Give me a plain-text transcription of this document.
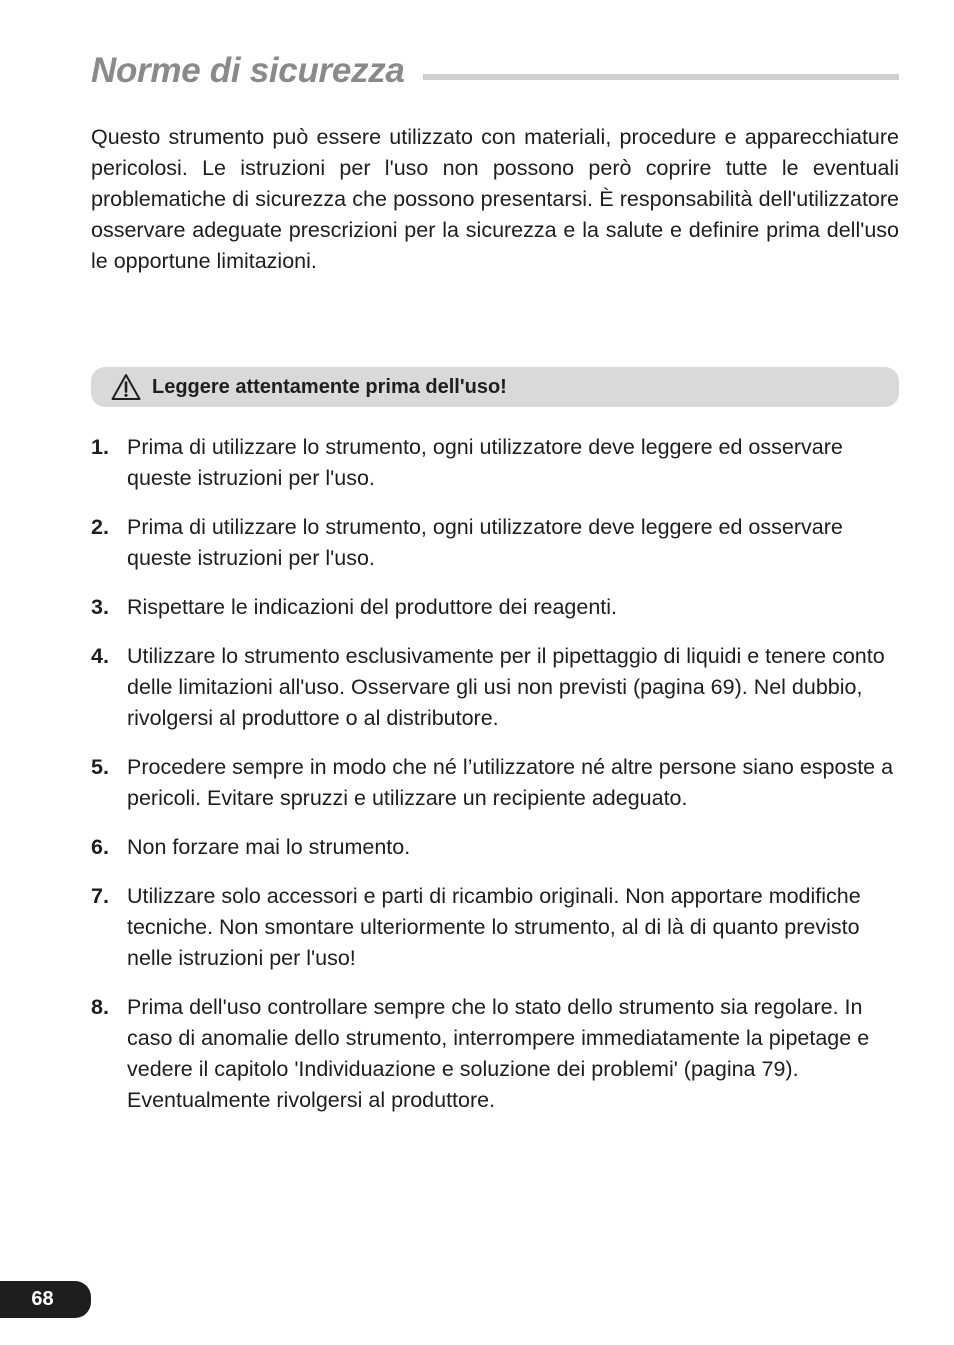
Norme di sicurezza

Questo strumento può essere utilizzato con materiali, procedure e apparecchiature pericolosi. Le istruzioni per l'uso non possono però coprire tutte le eventuali problematiche di sicurezza che possono presentarsi. È responsabilità dell'utilizzatore osservare adeguate prescrizioni per la sicurezza e la salute e definire prima dell'uso le opportune limitazioni.

Leggere attentamente prima dell'uso!
1. Prima di utilizzare lo strumento, ogni utilizzatore deve leggere ed osservare queste istruzioni per l'uso.
2. Prima di utilizzare lo strumento, ogni utilizzatore deve leggere ed osservare queste istruzioni per l'uso.
3. Rispettare le indicazioni del produttore dei reagenti.
4. Utilizzare lo strumento esclusivamente per il pipettaggio di liquidi e tenere conto delle limitazioni all'uso. Osservare gli usi non previsti (pagina 69). Nel dubbio, rivolgersi al produttore o al distributore.
5. Procedere sempre in modo che né l’utilizzatore né altre persone siano esposte a pericoli. Evitare spruzzi e utilizzare un recipiente adeguato.
6. Non forzare mai lo strumento.
7. Utilizzare solo accessori e parti di ricambio originali. Non apportare modifiche tecniche. Non smontare ulteriormente lo strumento, al di là di quanto previsto nelle istruzioni per l'uso!
8. Prima dell'uso controllare sempre che lo stato dello strumento sia regolare. In caso di anomalie dello strumento, interrompere immediatamente la pipetage e vedere il capitolo 'Individuazione e soluzione dei problemi' (pagina 79). Eventualmente rivolgersi al produttore.
68
